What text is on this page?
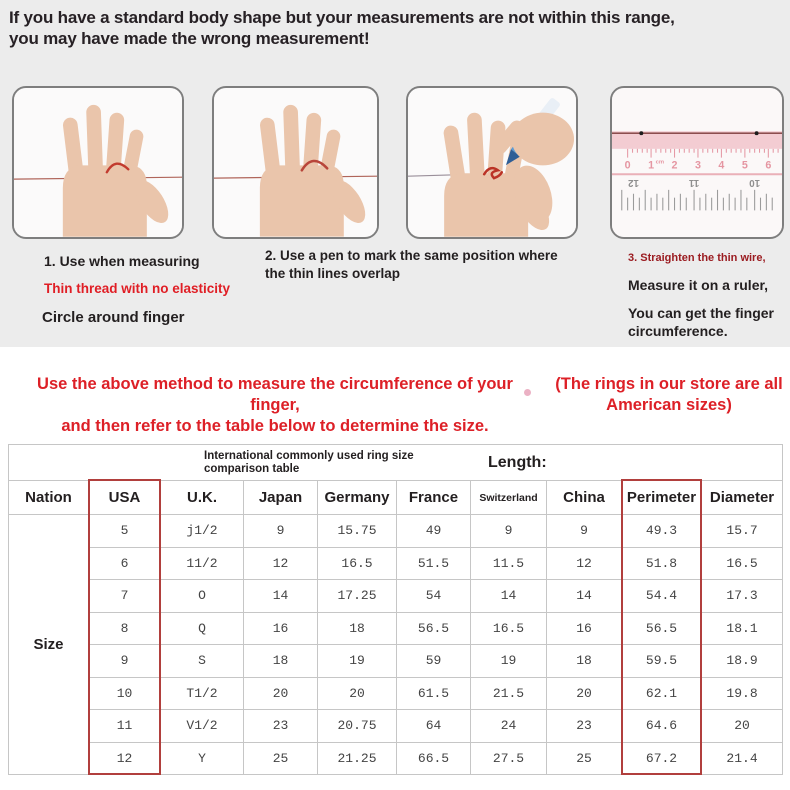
If you have a standard body shape but your measurements are not within this range,
you may have made the wrong measurement!
0 1 cm 2 3 4 5 6
12	11	10
1. Use when measuring
Thin thread with no elasticity
Circle around finger
2. Use a pen to mark the same position where the thin lines overlap
3. Straighten the thin wire,
Measure it on a ruler,
You can get the finger circumference.
Use the above method to measure the circumference of your finger,
and then refer to the table below to determine the size.
(The rings in our store are all
American sizes)
International commonly used ring size comparison table Length:									

Nation	USA	U.K.	Japan	Germany	France	Switzerland	China	Perimeter	Diameter
Size	5	j1/2	9	15.75	49	9	9	49.3	15.7
	6	11/2	12	16.5	51.5	11.5	12	51.8	16.5
	7	O	14	17.25	54	14	14	54.4	17.3
	8	Q	16	18	56.5	16.5	16	56.5	18.1
	9	S	18	19	59	19	18	59.5	18.9
	10	T1/2	20	20	61.5	21.5	20	62.1	19.8
	11	V1/2	23	20.75	64	24	23	64.6	20
	12	Y	25	21.25	66.5	27.5	25	67.2	21.4
